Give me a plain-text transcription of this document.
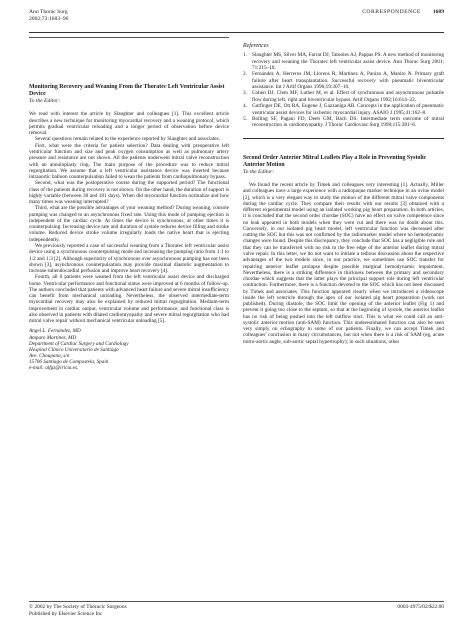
Ann Thorac Surg
2002;73:1683–96
CORRESPONDENCE 1689
Monitoring Recovery and Weaning From the Thoratec Left Ventricular Assist Device
To the Editor:

We read with interest the article by Slaughter and colleagues [1]. This excellent article describes a new technique for monitoring myocardial recovery and a weaning protocol, which permits gradual ventricular reloading and a longer period of observation before device removal.

Several questions remain related to the experience reported by Slaughter and associates.

First, what were the criteria for patient selection? Data dealing with preoperative left ventricular function and size and peak oxygen consumption as well as pulmonary artery pressure and resistance are not shown. All the patients underwent mitral valve reconstruction with an annuloplasty ring. The main purpose of the procedure was to reduce mitral regurgitation. We assume that a left ventricular assistance device was inserted because intraaortic balloon counterpulsation failed to wean the patients from cardiopulmonary bypass.

Second, what was the postoperative course during the supported period? The functional class of the patients during recovery is not shown. On the other hand, the duration of support is highly variable (between 30 and 181 days). When did myocardial function normalize and how many times was weaning interrupted?

Third, what are the possible advantages of your weaning method? During weaning, console pumping was changed to an asynchronous fixed rate. Using this mode of pumping ejection is independent of the cardiac cycle. At times the device is synchronous, at other times it is counterpulsing. Increasing device rate and duration of systole reduces device filling and stroke volume. Reduced device stroke volume irregularly loads the native heart that is ejecting independently.

We previously reported a case of successful weaning from a Thoratec left ventricular assist device using a synchronous counterpulsing mode and increasing the pumping ratio from 1:1 to 1:2 and 1:3 [2]. Although superiority of synchronous over asynchronous pumping has not been shown [3], asynchronous counterpulsation may provide maximal diastolic augmentation to increase subendocardial perfusion and improve heart recovery [4].

Fourth, all 6 patients were weaned from the left ventricular assist device and discharged home. Ventricular performance and functional status were improved at 6 months of follow-up. The authors concluded that patients with advanced heart failure and severe mitral insufficiency can benefit from mechanical unloading. Nevertheless, the observed intermediate-term myocardial recovery may also be explained by reduced mitral regurgitation. Medium-term improvement in cardiac output, ventricular volume and performance, and functional class is also observed in patients with dilated cardiomyopathy and severe mitral regurgitation who had mitral valve repair without mechanical ventricular unloading [5].

Angel L. Fernández, MD
Amparo Martínez, MD
Department of Cardiac Surgery and Cardiology
Hospital Clínico Universitario de Santiago
Ave. Choupana, s/n
15706 Santiago de Compostela, Spain
e-mail: alfgz@iricia.es.
References
1. Slaughter MS, Silver MA, Farrar DJ, Tatooles AJ, Pappas PS. A new method of monitoring recovery and weaning the Thoratec left ventricular assist device. Ann Thorac Surg 2001; 71:215–18.
2. Fernández A, Herreros JM, Llorens R, Martínez A, Panizo A, Manito N. Primary graft failure after heart transplantation. Successful recovery with pneumatic biventricular assistance. Int J Artif Organs 1996;19:307–10.
3. Cohen DJ, Clem MF, Luther M, et al. Effect of synchronous and asynchronous pulsatile flow during left, right and biventricular bypass. Artif Organs 1992;16:614–22.
4. Gutfinger DE, Ott RA, Eugene J, Gazzaniga AB. Concepts in the application of pneumatic ventricular assist devices for ischemic myocardial injury. ASAIO J 1995;41:162–8.
5. Bolling SF, Pagani FD, Deeb GM, Bach DS. Intermediate term outcome of mitral reconstruction in cardiomyopathy. J Thorac Cardiovasc Surg 1998;115:381–6.
Second Order Anterior Mitral Leaflets Play a Role in Preventing Systolic Anterior Motion
To the Editor:

We found the recent article by Timek and colleagues very interesting [1]. Actually, Miller and colleagues have a large experience with a radiopaque marker technique in an ovine model [2], which is a very elegant way to study the motion of the different mitral valve components during the cardiac cycle. They compare their results with our results [3] obtained with a different experimental model using an isolated working pig heart preparation. In both articles, it is concluded that the second order chordae (SOC) have no effect on valve competence since no leak appeared in both models when they were cut and there was no doubt about this. Conversely, in our isolated pig heart model, left ventricular function was decreased after cutting the SOC but this was not confirmed by the radiomarker model where no hemodynamic changes were found. Despite this discrepancy, they conclude that SOC has a negligible role and that they can be transferred with no risk to the free edge of the anterior leaflet during mitral valve repair. In this letter, we do not want to initiate a tedious discussion about the respective advantages of the two models since, in our practice, we sometimes use SOC transfer for repairing anterior leaflet prolapse despite possible marginal hemodynamic impairment. Nevertheless, there is a striking difference in thickness between the primary and secondary chordae which suggests that the latter plays the principal support role during left ventricular contraction. Furthermore, there is a function devoted to the SOC which has not been discussed by Timek and associates. This function appeared clearly when we introduced a videoscope inside the left ventricle through the apex of our isolated pig heart preparation (work not published). During diastole, the SOC limit the opening of the anterior leaflet (Fig 1) and prevent it going too close to the septum, so that at the beginning of systole, the anterior leaflet has no risk of being pushed into the left outflow tract. This is what we could call an anti-systolic anterior motion (anti-SAM) function. This underestimated function can also be seen very simply on echography in some of our patients. Finally, we can accept Timek and colleagues’ conclusion in many circumstances, but not when there is a risk of SAM (eg, acute mitro-aortic angle, sub-aortic septal hypertrophy); in such situations, other

© 2002 by The Society of Thoracic Surgeons
Published by Elsevier Science Inc
0003-4975/02/$22.00
